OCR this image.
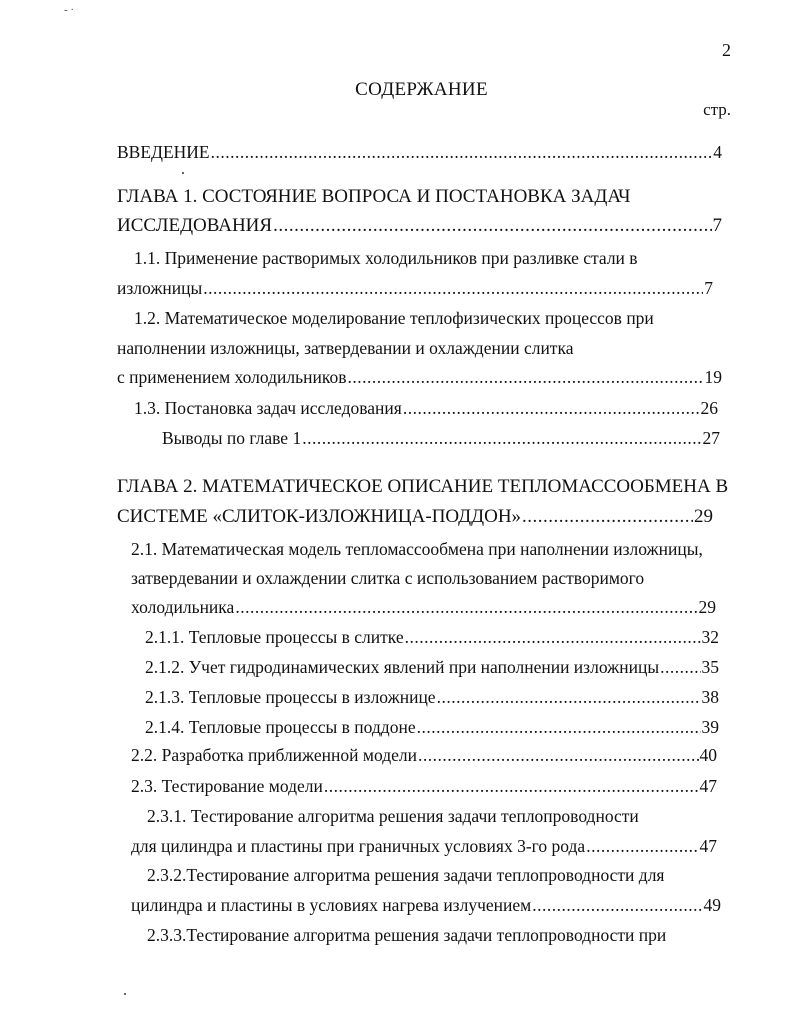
- ·
2
СОДЕРЖАНИЕ
стр.
ВВЕДЕНИЕ .....	4
ГЛАВА 1. СОСТОЯНИЕ ВОПРОСА И ПОСТАНОВКА ЗАДАЧ
ИССЛЕДОВАНИЯ .....	7
1.1. Применение растворимых холодильников при разливке стали в
изложницы .....	7
1.2. Математическое моделирование теплофизических процессов при
наполнении изложницы, затвердевании и охлаждении слитка
с применением холодильников .....	19
1.3. Постановка задач исследования .....	26
Выводы по главе 1 .....	27
ГЛАВА 2. МАТЕМАТИЧЕСКОЕ ОПИСАНИЕ ТЕПЛОМАССООБМЕНА В
СИСТЕМЕ «СЛИТОК-ИЗЛОЖНИЦА-ПОДДОН» .....	29
2.1. Математическая модель тепломассообмена при наполнении изложницы,
затвердевании и охлаждении слитка с использованием растворимого
холодильника .....	29
2.1.1. Тепловые процессы в слитке .....	32
2.1.2. Учет гидродинамических явлений при наполнении изложницы ..... 35
2.1.3. Тепловые процессы в изложнице .....	38
2.1.4. Тепловые процессы в поддоне .....	39
2.2. Разработка приближенной модели .....	40
2.3. Тестирование модели .....	47
2.3.1. Тестирование алгоритма решения задачи теплопроводности
для цилиндра и пластины при граничных условиях 3-го рода .....	47
2.3.2.Тестирование алгоритма решения задачи теплопроводности для
цилиндра и пластины в условиях нагрева излучением .....	49
2.3.3.Тестирование алгоритма решения задачи теплопроводности при
